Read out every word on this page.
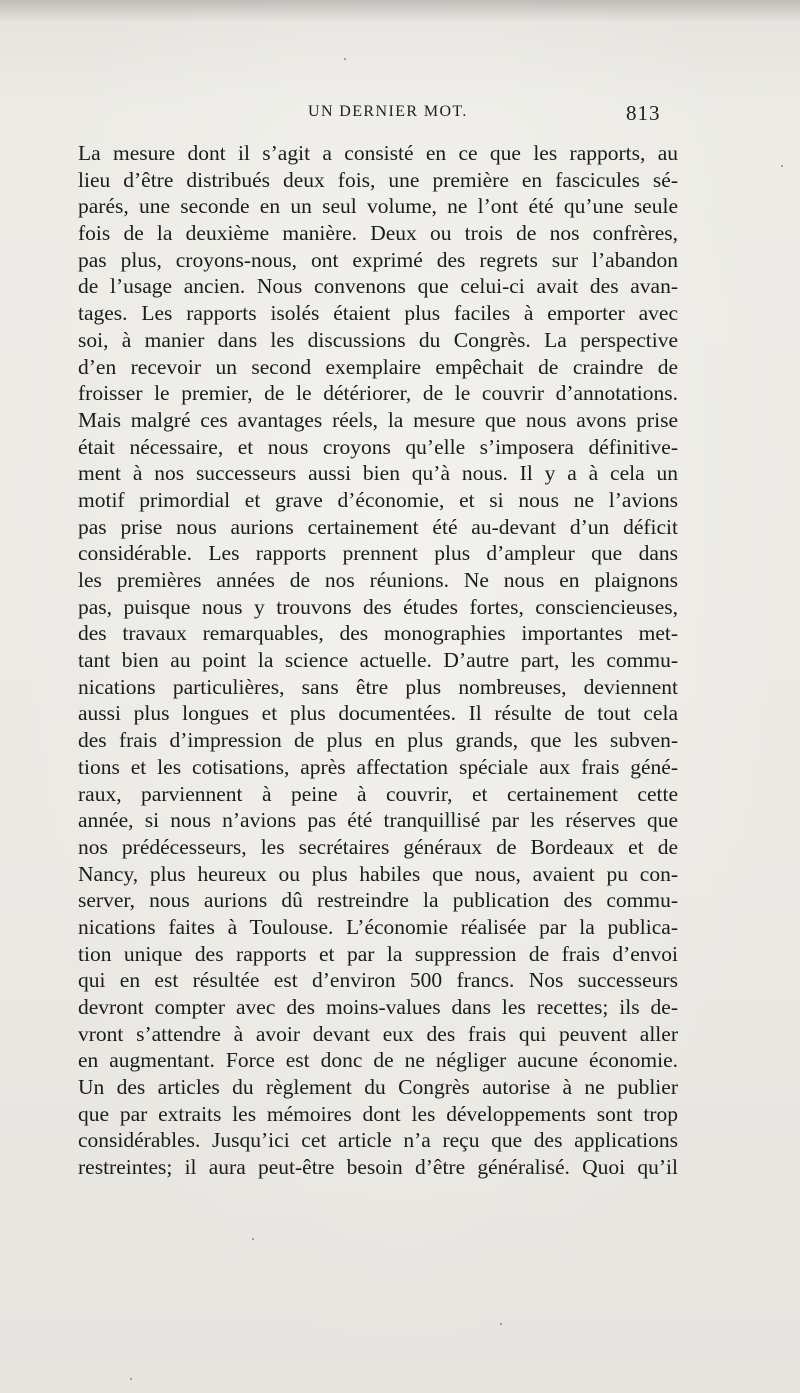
UN DERNIER MOT.	813
La mesure dont il s’agit a consisté en ce que les rapports, au
lieu d’être distribués deux fois, une première en fascicules sé-
parés, une seconde en un seul volume, ne l’ont été qu’une seule
fois de la deuxième manière. Deux ou trois de nos confrères,
pas plus, croyons-nous, ont exprimé des regrets sur l’abandon
de l’usage ancien. Nous convenons que celui-ci avait des avan-
tages. Les rapports isolés étaient plus faciles à emporter avec
soi, à manier dans les discussions du Congrès. La perspective
d’en recevoir un second exemplaire empêchait de craindre de
froisser le premier, de le détériorer, de le couvrir d’annotations.
Mais malgré ces avantages réels, la mesure que nous avons prise
était nécessaire, et nous croyons qu’elle s’imposera définitive-
ment à nos successeurs aussi bien qu’à nous. Il y a à cela un
motif primordial et grave d’économie, et si nous ne l’avions
pas prise nous aurions certainement été au-devant d’un déficit
considérable. Les rapports prennent plus d’ampleur que dans
les premières années de nos réunions. Ne nous en plaignons
pas, puisque nous y trouvons des études fortes, consciencieuses,
des travaux remarquables, des monographies importantes met-
tant bien au point la science actuelle. D’autre part, les commu-
nications particulières, sans être plus nombreuses, deviennent
aussi plus longues et plus documentées. Il résulte de tout cela
des frais d’impression de plus en plus grands, que les subven-
tions et les cotisations, après affectation spéciale aux frais géné-
raux, parviennent à peine à couvrir, et certainement cette
année, si nous n’avions pas été tranquillisé par les réserves que
nos prédécesseurs, les secrétaires généraux de Bordeaux et de
Nancy, plus heureux ou plus habiles que nous, avaient pu con-
server, nous aurions dû restreindre la publication des commu-
nications faites à Toulouse. L’économie réalisée par la publica-
tion unique des rapports et par la suppression de frais d’envoi
qui en est résultée est d’environ 500 francs. Nos successeurs
devront compter avec des moins-values dans les recettes; ils de-
vront s’attendre à avoir devant eux des frais qui peuvent aller
en augmentant. Force est donc de ne négliger aucune économie.
Un des articles du règlement du Congrès autorise à ne publier
que par extraits les mémoires dont les développements sont trop
considérables. Jusqu’ici cet article n’a reçu que des applications
restreintes; il aura peut-être besoin d’être généralisé. Quoi qu’il
